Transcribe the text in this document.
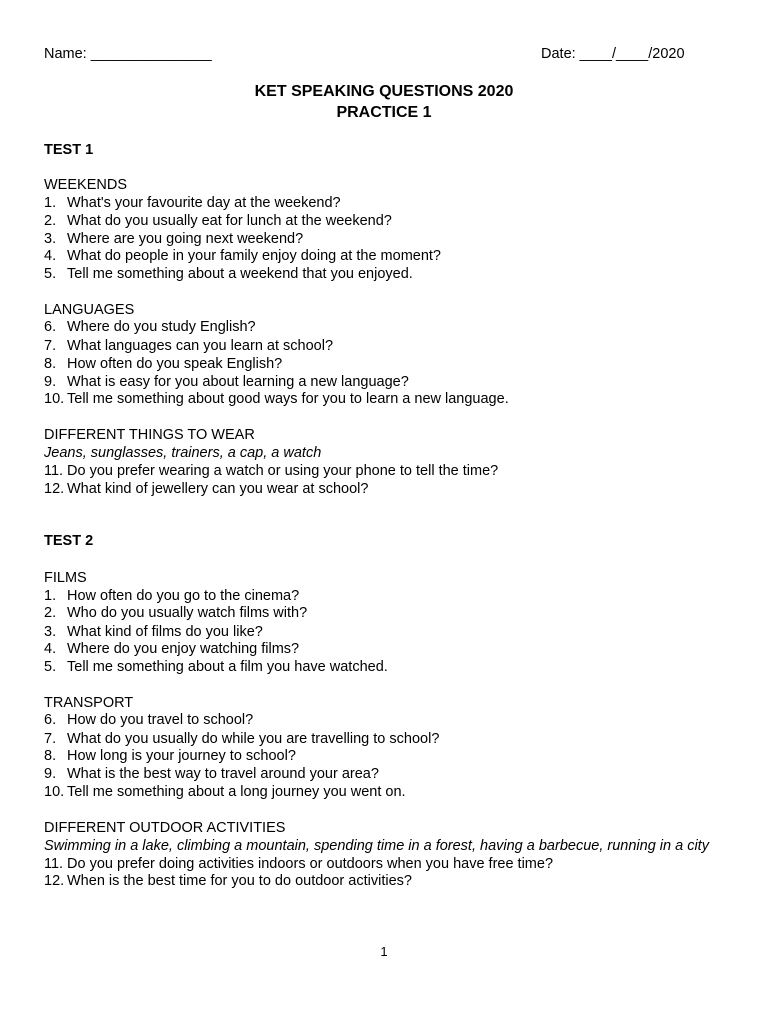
Name: _______________	Date: ____/____/2020
KET SPEAKING QUESTIONS 2020
PRACTICE 1
TEST 1
WEEKENDS
1. What's your favourite day at the weekend?
2. What do you usually eat for lunch at the weekend?
3. Where are you going next weekend?
4. What do people in your family enjoy doing at the moment?
5. Tell me something about a weekend that you enjoyed.
LANGUAGES
6. Where do you study English?
7. What languages can you learn at school?
8. How often do you speak English?
9. What is easy for you about learning a new language?
10. Tell me something about good ways for you to learn a new language.
DIFFERENT THINGS TO WEAR
Jeans, sunglasses, trainers, a cap, a watch
11. Do you prefer wearing a watch or using your phone to tell the time?
12. What kind of jewellery can you wear at school?
TEST 2
FILMS
1. How often do you go to the cinema?
2. Who do you usually watch films with?
3. What kind of films do you like?
4. Where do you enjoy watching films?
5. Tell me something about a film you have watched.
TRANSPORT
6. How do you travel to school?
7. What do you usually do while you are travelling to school?
8. How long is your journey to school?
9. What is the best way to travel around your area?
10. Tell me something about a long journey you went on.
DIFFERENT OUTDOOR ACTIVITIES
Swimming in a lake, climbing a mountain, spending time in a forest, having a barbecue, running in a city
11. Do you prefer doing activities indoors or outdoors when you have free time?
12. When is the best time for you to do outdoor activities?
1
